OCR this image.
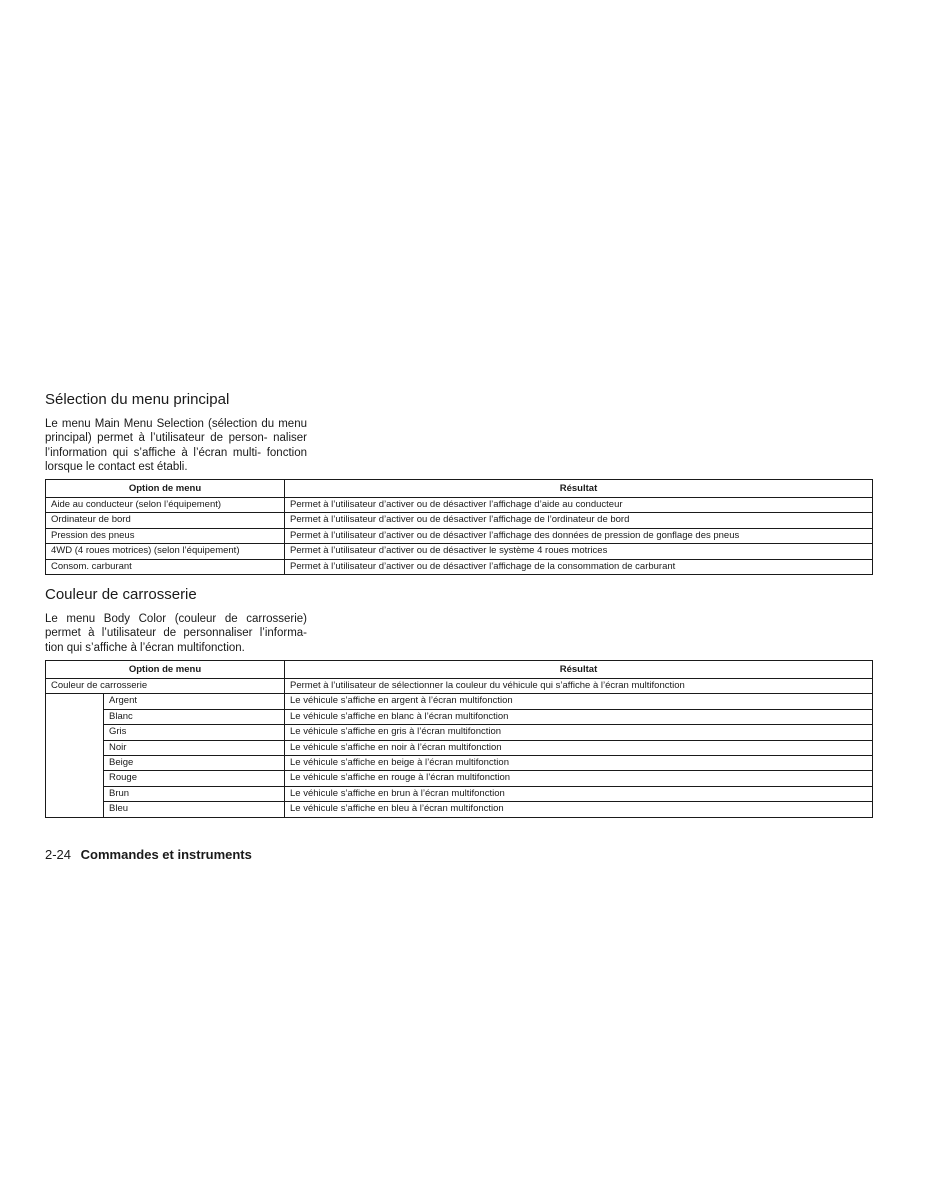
Sélection du menu principal

Le menu Main Menu Selection (sélection du menu principal) permet à l’utilisateur de person- naliser l’information qui s’affiche à l’écran multi- fonction lorsque le contact est établi.

Option de menu	Résultat
Aide au conducteur (selon l’équipement)	Permet à l’utilisateur d’activer ou de désactiver l’affichage d’aide au conducteur
Ordinateur de bord	Permet à l’utilisateur d’activer ou de désactiver l’affichage de l’ordinateur de bord
Pression des pneus	Permet à l’utilisateur d’activer ou de désactiver l’affichage des données de pression de gonflage des pneus
4WD (4 roues motrices) (selon l’équipement)	Permet à l’utilisateur d’activer ou de désactiver le système 4 roues motrices
Consom. carburant	Permet à l’utilisateur d’activer ou de désactiver l’affichage de la consommation de carburant
Couleur de carrosserie

Le menu Body Color (couleur de carrosserie) permet à l’utilisateur de personnaliser l’informa- tion qui s’affiche à l’écran multifonction.

Option de menu		Résultat
Couleur de carrosserie		Permet à l’utilisateur de sélectionner la couleur du véhicule qui s’affiche à l’écran multifonction
	Argent	Le véhicule s’affiche en argent à l’écran multifonction
	Blanc	Le véhicule s’affiche en blanc à l’écran multifonction
	Gris	Le véhicule s’affiche en gris à l’écran multifonction
	Noir	Le véhicule s’affiche en noir à l’écran multifonction
	Beige	Le véhicule s’affiche en beige à l’écran multifonction
	Rouge	Le véhicule s’affiche en rouge à l’écran multifonction
	Brun	Le véhicule s’affiche en brun à l’écran multifonction
	Bleu	Le véhicule s’affiche en bleu à l’écran multifonction
2-24 Commandes et instruments
